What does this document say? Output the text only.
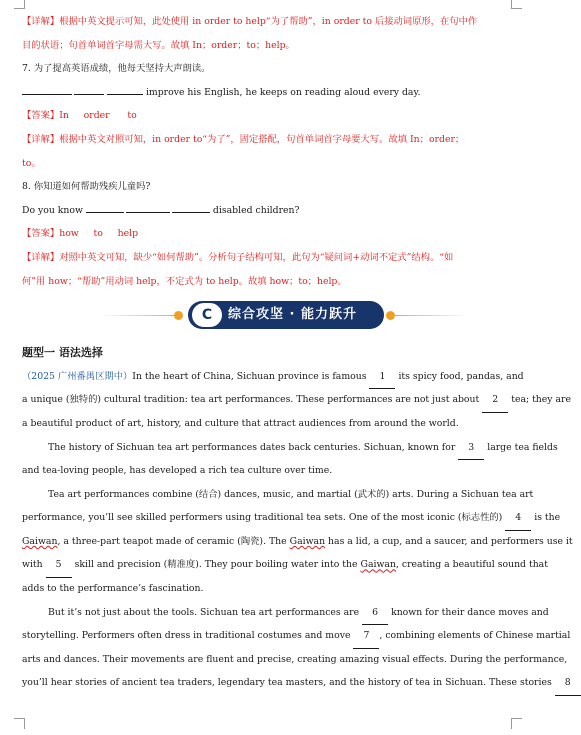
【详解】根据中英文提示可知，此处使用 in order to help“为了帮助”，in order to 后接动词原形，在句中作
目的状语；句首单词首字母需大写。故填 In；order；to；help。
7. 为了提高英语成绩，他每天坚持大声朗读。
improve his English, he keeps on reading aloud every day.
【答案】In order to
【详解】根据中英文对照可知，in order to“为了”，固定搭配，句首单词首字母要大写。故填 In；order；
to。
8. 你知道如何帮助残疾儿童吗?
Do you know	disabled children?
【答案】how to help
【详解】对照中英文可知，缺少“如何帮助”。分析句子结构可知，此句为“疑问词+动词不定式”结构。“如
何”用 how；“帮助”用动词 help，不定式为 to help。故填 how；to；help。
C	综合攻坚 · 能力跃升
题型一 语法选择
（2025 广州番禺区期中）In the heart of China, Sichuan province is famous 1 its spicy food, pandas, and
a unique (独特的) cultural tradition: tea art performances. These performances are not just about 2 tea; they are
a beautiful product of art, history, and culture that attract audiences from around the world.
The history of Sichuan tea art performances dates back centuries. Sichuan, known for 3 large tea fields
and tea-loving people, has developed a rich tea culture over time.
Tea art performances combine (结合) dances, music, and martial (武术的) arts. During a Sichuan tea art
performance, you’ll see skilled performers using traditional tea sets. One of the most iconic (标志性的) 4 is the
Gaiwan, a three-part teapot made of ceramic (陶瓷). The Gaiwan has a lid, a cup, and a saucer, and performers use it
with 5 skill and precision (精准度). They pour boiling water into the Gaiwan, creating a beautiful sound that
adds to the performance’s fascination.
But it’s not just about the tools. Sichuan tea art performances are 6 known for their dance moves and
storytelling. Performers often dress in traditional costumes and move 7 , combining elements of Chinese martial
arts and dances. Their movements are fluent and precise, creating amazing visual effects. During the performance,
you’ll hear stories of ancient tea traders, legendary tea masters, and the history of tea in Sichuan. These stories 8
